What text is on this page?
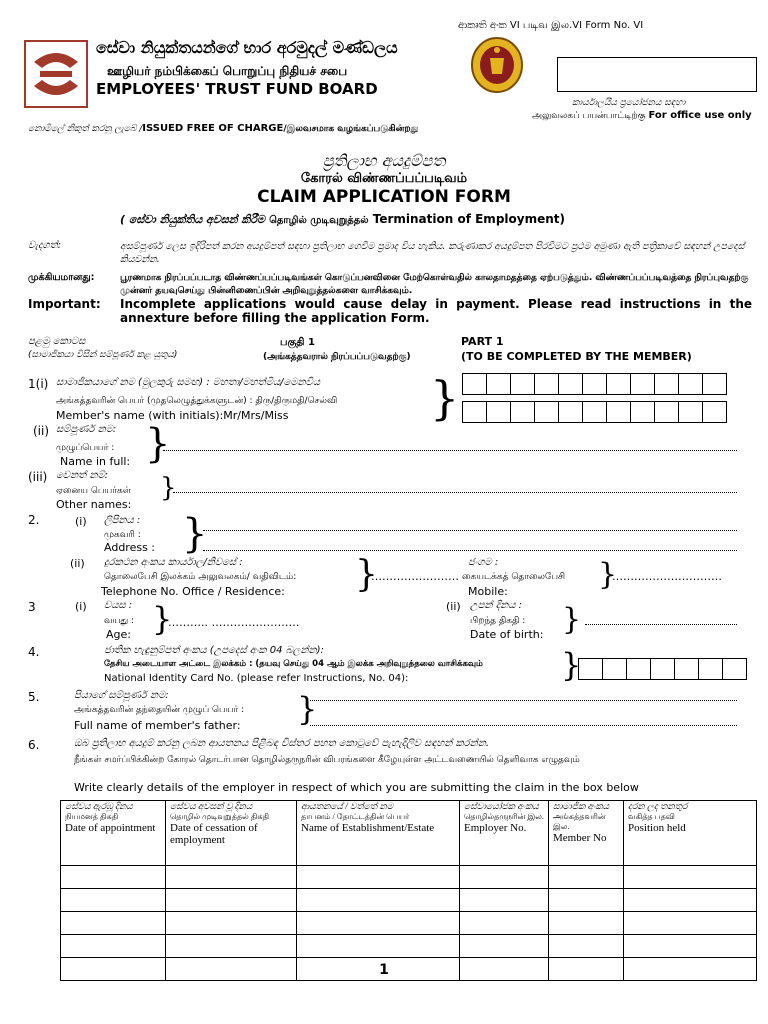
ආකෘති අංක VI படிவ இல.VI Form No. VI
සේවා නියුක්තයන්ගේ භාර අරමුදල් මණ්ඩලය
ஊழியர் நம்பிக்கைப் பொறுப்பு நிதியச் சபை
EMPLOYEES' TRUST FUND BOARD
කාර්යාලයීය ප්‍රයෝජනය සඳහා
அலுவலகப் பயன்பாட்டிற்கு For office use only
නොමිලේ නිකුත් කරනු ලැබේ /ISSUED FREE OF CHARGE/இலவசமாக வழங்கப்படுகின்றது
ප්‍රතිලාභ අයදුම්පත
கோரல் விண்ணப்பப்படிவம்
CLAIM APPLICATION FORM
( සේවා නියුක්තිය අවසන් කිරීම தொழில் முடிவுறுத்தல் Termination of Employment)
වැදගත්:	අසම්පූර්ණ ලෙස ඉදිරිපත් කරන අයදුම්පත් සඳහා ප්‍රතිලාභ ගෙවීම ප්‍රමාද විය හැකිය. කරුණාකර අයදුම්පත පිරවීමට ප්‍රථම අමුණා ඇති පත්‍රිකාවේ සඳහන් උපදෙස් කියවන්න.
முக்கியமானது:	பூரணமாக நிரப்பப்படாத விண்ணப்பப்படிவங்கள் கொடுப்பனவினை மேற்கொள்வதில் காலதாமதத்தை ஏற்படுத்தும். விண்ணப்பப்படிவத்தை நிரப்புவதற்கு முன்னர் தயவுசெய்து பின்னிணைப்பின் அறிவுறுத்தல்களை வாசிக்கவும்.
Important: Incomplete applications would cause delay in payment. Please read instructions in the annexture before filling the application Form.
පළමු කොටස
(සාමාජිකයා විසින් සම්පූර්ණ කළ යුතුය)
பகுதி 1
(அங்கத்தவரால் நிரப்பப்படுவதற்கு)
PART 1
(TO BE COMPLETED BY THE MEMBER)
1(i) සාමාජිකයාගේ නම (මුලකුරු සමඟ) : මහතා/මහත්මිය/මෙනවිය
அங்கத்தவரின் பெயர் (முதலெழுத்துக்களுடன்) : திரு/திருமதி/செல்வி
Member's name (with initials):Mr/Mrs/Miss	}
(ii) සම්පූර්ණ නම:
முழுப்பெயர் :
Name in full: }
(iii) වෙනත් නම්:
ஏனைய பெயர்கள்
Other names:
}
2.	(i) ලිපිනය :
முகவரி :
Address : }
(ii) දුරකථන අංකය කාර්යාල/නිවසේ :
தொலைபேசி இலக்கம் அலுவலகம்/ வதிவிடம்:
Telephone No. Office / Residence: }
……………………
ජංගම :
கையடக்கத் தொலைபேசி
Mobile:	}
…………………………
3	(i) වයස :
வயது :
Age: }
……….. ……………………
(ii) උපන් දිනය :
பிறந்த திகதி :
Date of birth: }
4.	ජාතික හැඳුනුම්පත් අංකය (උපදෙස් අංක 04 බලන්න):
தேசிய அடையாள அட்டை இலக்கம் : (தயவு செய்து 04 ஆம் இலக்க அறிவுறுத்தலை வாசிக்கவும்
National Identity Card No. (please refer Instructions, No. 04):	}
5.	පියාගේ සම්පූර්ණ නම:
அங்கத்தவரின் தந்தையின் முழுப் பெயர் :
Full name of member's father: }
6.	ඔබ ප්‍රතිලාභ අයදුම් කරනු ලබන ආයතනය පිළිබඳ විස්තර පහත කොටුවේ පැහැදිලිව සඳහන් කරන්න.
நீங்கள் சமர்ப்பிக்கின்ற கோரல் தொடர்பான தொழில்தருநரின் விபரங்களை கீழேயுள்ள அட்டவணையில் தெளிவாக எழுதவும்
Write clearly details of the employer in respect of which you are submitting the claim in the box below
සේවය ඇරඹූ දිනය
நியமனத் திகதி
Date of appointment	සේවය අවසන් වූ දිනය
தொழில் முடிவுறுத்தல் திகதி
Date of cessation of employment	ආයතනයේ / වත්තේ නම
தாபனம் / தோட்டத்தின் பெயர்
Name of Establishment/Estate	සේවායෝජක අංකය
தொழில்தருநரின் இல.
Employer No.	සාමාජික අංකය
அங்கத்தவரின் இல.
Member No	දරන ලද තනතුර
வகித்த பதவி
Position held

1
